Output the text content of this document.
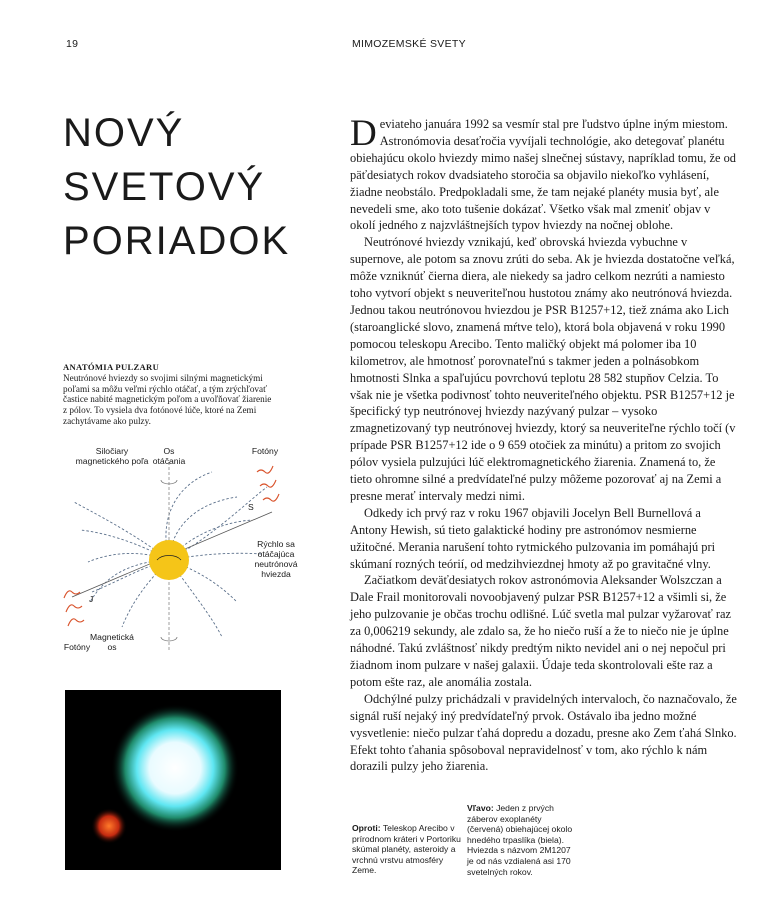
19	MIMOZEMSKÉ SVETY
NOVÝ
SVETOVÝ
PORIADOK

Deviateho januára 1992 sa vesmír stal pre ľudstvo úplne iným miestom. Astronómovia desaťročia vyvíjali technológie, ako detegovať planétu obiehajúcu okolo hviezdy mimo našej slnečnej sústavy, napríklad tomu, že od päťdesiatych rokov dvadsiateho storočia sa objavilo niekoľko vyhlásení, žiadne neobstálo. Predpokladali sme, že tam nejaké planéty musia byť, ale nevedeli sme, ako toto tušenie dokázať. Všetko však mal zmeniť objav v okolí jedného z najzvláštnejších typov hviezdy na nočnej oblohe.

Neutrónové hviezdy vznikajú, keď obrovská hviezda vybuchne v supernove, ale potom sa znovu zrúti do seba. Ak je hviezda dostatočne veľká, môže vzniknúť čierna diera, ale niekedy sa jadro celkom nezrúti a namiesto toho vytvorí objekt s neuveriteľnou hustotou známy ako neutrónová hviezda. Jednou takou neutrónovou hviezdou je PSR B1257+12, tiež známa ako Lich (staroanglické slovo, znamená mŕtve telo), ktorá bola objavená v roku 1990 pomocou teleskopu Arecibo. Tento maličký objekt má polomer iba 10 kilometrov, ale hmotnosť porovnateľnú s takmer jeden a polnásobkom hmotnosti Slnka a spaľujúcu povrchovú teplotu 28 582 stupňov Celzia. To však nie je všetka podivnosť tohto neuveriteľného objektu. PSR B1257+12 je špecifický typ neutrónovej hviezdy nazývaný pulzar – vysoko zmagnetizovaný typ neutrónovej hviezdy, ktorý sa neuveriteľne rýchlo točí (v prípade PSR B1257+12 ide o 9 659 otočiek za minútu) a pritom zo svojich pólov vysiela pulzujúci lúč elektromagnetického žiarenia. Znamená to, že tieto ohromne silné a predvídateľné pulzy môžeme pozorovať aj na Zemi a presne merať intervaly medzi nimi.

Odkedy ich prvý raz v roku 1967 objavili Jocelyn Bell Burnellová a Antony Hewish, sú tieto galaktické hodiny pre astronómov nesmierne užitočné. Merania narušení tohto rytmického pulzovania im pomáhajú pri skúmaní rozných teórií, od medzihviezdnej hmoty až po gravitačné vlny.

Začiatkom deväťdesiatych rokov astronómovia Aleksander Wolszczan a Dale Frail monitorovali novoobjavený pulzar PSR B1257+12 a všimli si, že jeho pulzovanie je občas trochu odlišné. Lúč svetla mal pulzar vyžarovať raz za 0,006219 sekundy, ale zdalo sa, že ho niečo ruší a že to niečo nie je úplne náhodné. Takú zvláštnosť nikdy predtým nikto nevidel ani o nej nepočul pri žiadnom inom pulzare v našej galaxii. Údaje teda skontrolovali ešte raz a potom ešte raz, ale anomália zostala.

Odchýlné pulzy prichádzali v pravidelných intervaloch, čo naznačovalo, že signál ruší nejaký iný predvídateľný prvok. Ostávalo iba jedno možné vysvetlenie: niečo pulzar ťahá dopredu a dozadu, presne ako Zem ťahá Slnko. Efekt tohto ťahania spôsoboval nepravidelnosť v tom, ako rýchlo k nám dorazili pulzy jeho žiarenia.

ANATÓMIA PULZARU
Neutrónové hviezdy so svojimi silnými magnetickými poľami sa môžu veľmi rýchlo otáčať, a tým zrýchľovať častice nabité magnetickým poľom a uvoľňovať žiarenie z pólov. To vysiela dva fotónové lúče, ktoré na Zemi zachytávame ako pulzy.
S
J
Siločiary
magnetického poľa
Os
otáčania
Fotóny
Rýchlo sa
otáčajúca
neutrónová
hviezda
Magnetická
os
Fotóny
Oproti: Teleskop Arecibo v prírodnom kráteri v Portoriku skúmal planéty, asteroidy a vrchnú vrstvu atmosféry Zeme.
Vľavo: Jeden z prvých záberov exoplanéty (červená) obiehajúcej okolo hnedého trpaslíka (biela). Hviezda s názvom 2M1207 je od nás vzdialená asi 170 svetelných rokov.
